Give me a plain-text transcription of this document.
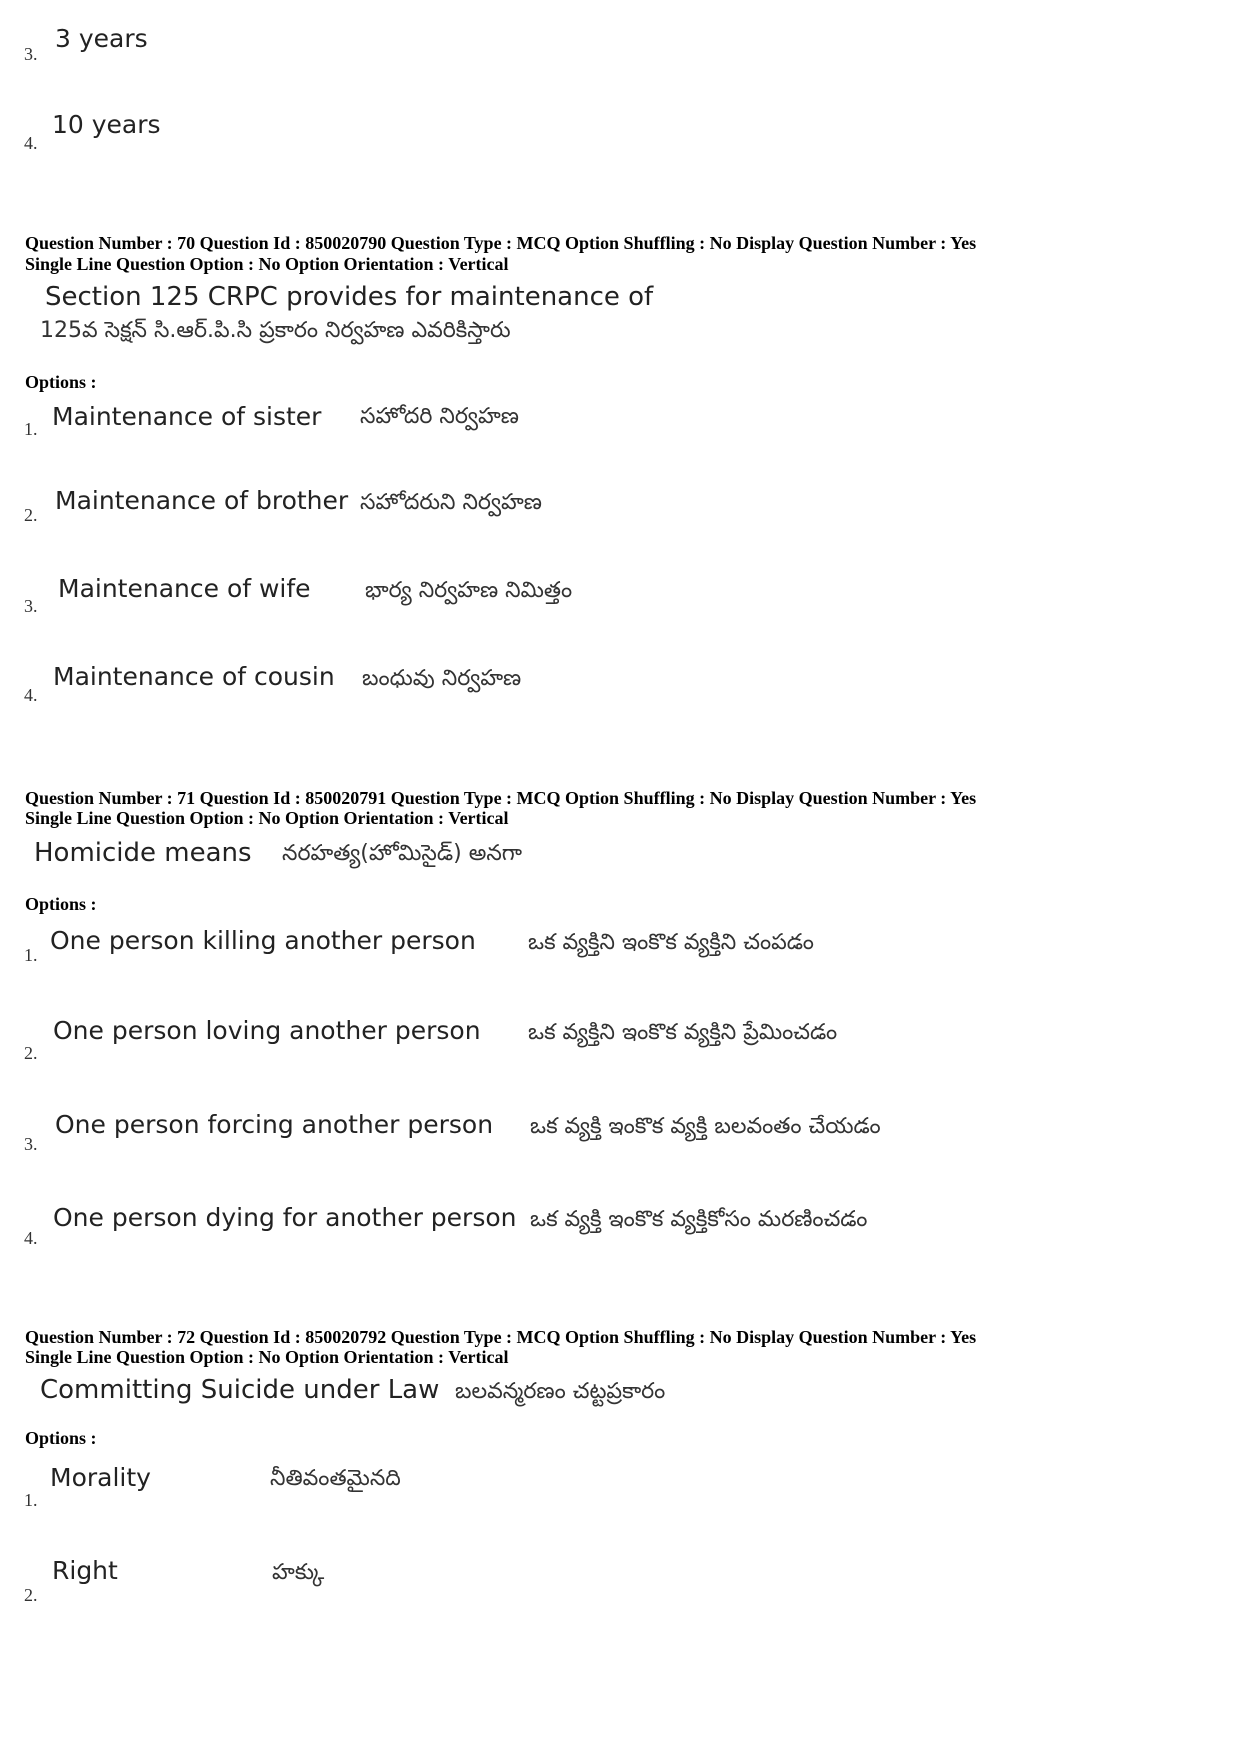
3.
3 years
4.
10 years
Question Number : 70 Question Id : 850020790 Question Type : MCQ Option Shuffling : No Display Question Number : Yes
Single Line Question Option : No Option Orientation : Vertical
Section 125 CRPC provides for maintenance of
125వ సెక్షన్ సి.ఆర్.పి.సి ప్రకారం నిర్వహణ ఎవరికిస్తారు
Options :
1. Maintenance of sister సహోదరి నిర్వహణ
2. Maintenance of brother సహోదరుని నిర్వహణ
3.
Maintenance of wife భార్య నిర్వహణ నిమిత్తం
4.
Maintenance of cousin బంధువు నిర్వహణ
Question Number : 71 Question Id : 850020791 Question Type : MCQ Option Shuffling : No Display Question Number : Yes
Single Line Question Option : No Option Orientation : Vertical
Homicide means నరహత్య(హోమిసైడ్) అనగా
Options :
1. One person killing another person ఒక వ్యక్తిని ఇంకొక వ్యక్తిని చంపడం
2.
One person loving another person ఒక వ్యక్తిని ఇంకొక వ్యక్తిని ప్రేమించడం
3.
One person forcing another person ఒక వ్యక్తి ఇంకొక వ్యక్తి బలవంతం చేయడం
4.
One person dying for another person ఒక వ్యక్తి ఇంకొక వ్యక్తికోసం మరణించడం
Question Number : 72 Question Id : 850020792 Question Type : MCQ Option Shuffling : No Display Question Number : Yes
Single Line Question Option : No Option Orientation : Vertical
Committing Suicide under Law బలవన్మరణం చట్టప్రకారం
Options :
1.
Morality	నీతివంతమైనది
2.
Right	హక్కు
